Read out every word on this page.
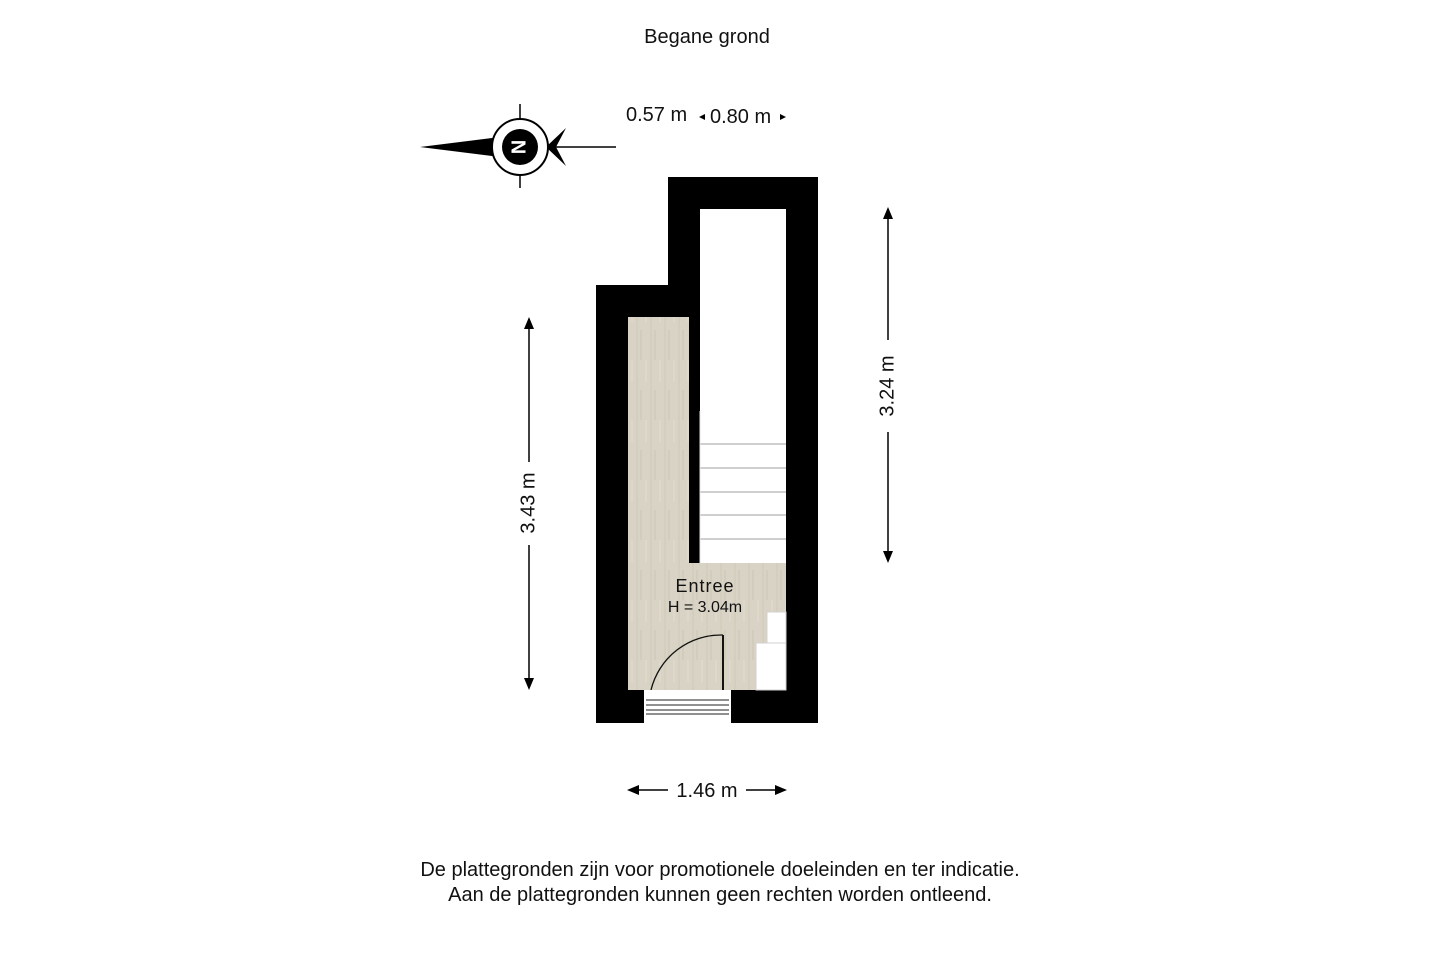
Begane grond
N
0.57 m 0.80 m
Entree
H = 3.04m
3.24 m
3.43 m
1.46 m
De plattegronden zijn voor promotionele doeleinden en ter indicatie.
Aan de plattegronden kunnen geen rechten worden ontleend.
